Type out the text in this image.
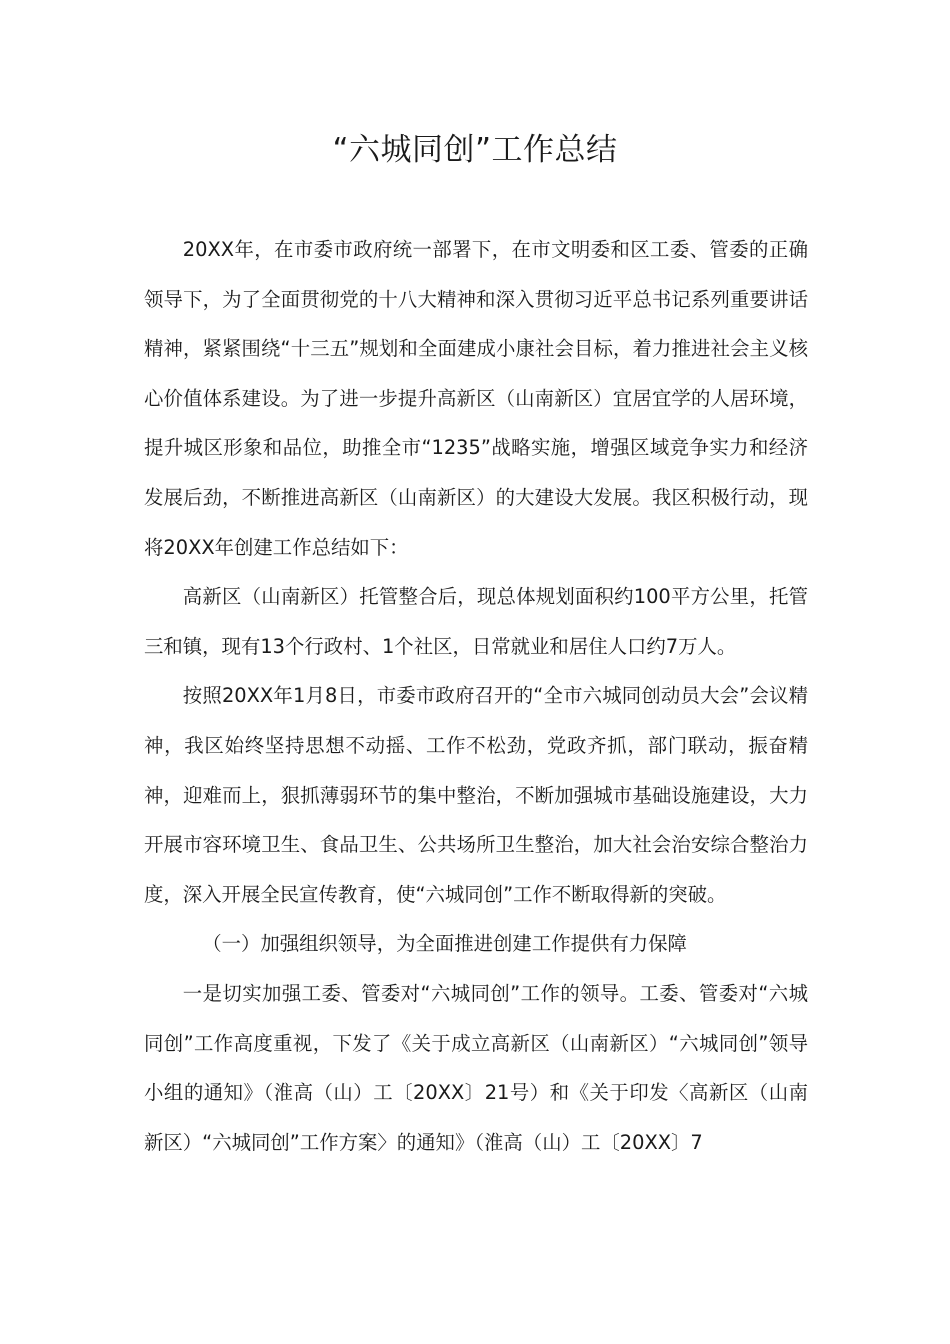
“六城同创”工作总结

20XX年，在市委市政府统一部署下，在市文明委和区工委、管委的正确领导下，为了全面贯彻党的十八大精神和深入贯彻习近平总书记系列重要讲话精神，紧紧围绕“十三五”规划和全面建成小康社会目标，着力推进社会主义核心价值体系建设。为了进一步提升高新区（山南新区）宜居宜学的人居环境，提升城区形象和品位，助推全市“1235”战略实施，增强区域竞争实力和经济发展后劲，不断推进高新区（山南新区）的大建设大发展。我区积极行动，现将20XX年创建工作总结如下：

高新区（山南新区）托管整合后，现总体规划面积约100平方公里，托管三和镇，现有13个行政村、1个社区，日常就业和居住人口约7万人。

按照20XX年1月8日，市委市政府召开的“全市六城同创动员大会”会议精神，我区始终坚持思想不动摇、工作不松劲，党政齐抓，部门联动，振奋精神，迎难而上，狠抓薄弱环节的集中整治，不断加强城市基础设施建设，大力开展市容环境卫生、食品卫生、公共场所卫生整治，加大社会治安综合整治力度，深入开展全民宣传教育，使“六城同创”工作不断取得新的突破。

（一）加强组织领导，为全面推进创建工作提供有力保障

一是切实加强工委、管委对“六城同创”工作的领导。工委、管委对“六城同创”工作高度重视，下发了《关于成立高新区（山南新区）“六城同创”领导小组的通知》（淮高（山）工〔20XX〕21号）和《关于印发〈高新区（山南新区）“六城同创”工作方案〉的通知》（淮高（山）工〔20XX〕7
